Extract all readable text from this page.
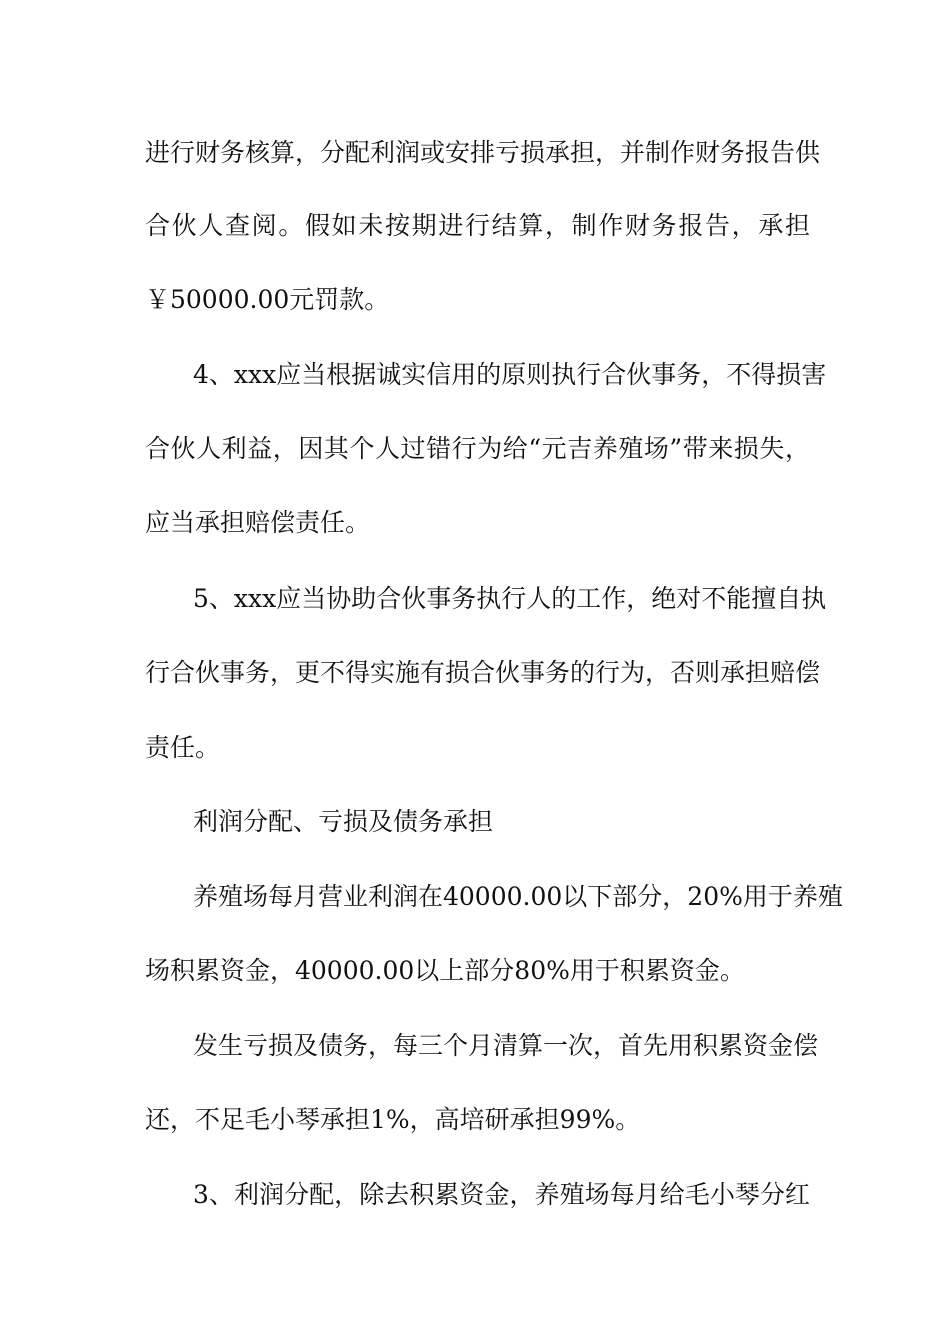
进行财务核算，分配利润或安排亏损承担，并制作财务报告供
合伙人查阅。假如未按期进行结算，制作财务报告，承担
￥50000.00元罚款。
4、xxx应当根据诚实信用的原则执行合伙事务，不得损害
合伙人利益，因其个人过错行为给“元吉养殖场”带来损失，
应当承担赔偿责任。
5、xxx应当协助合伙事务执行人的工作，绝对不能擅自执
行合伙事务，更不得实施有损合伙事务的行为，否则承担赔偿
责任。
利润分配、亏损及债务承担
养殖场每月营业利润在40000.00以下部分，20%用于养殖
场积累资金，40000.00以上部分80%用于积累资金。
发生亏损及债务，每三个月清算一次，首先用积累资金偿
还，不足毛小琴承担1%，高培研承担99%。
3、利润分配，除去积累资金，养殖场每月给毛小琴分红
